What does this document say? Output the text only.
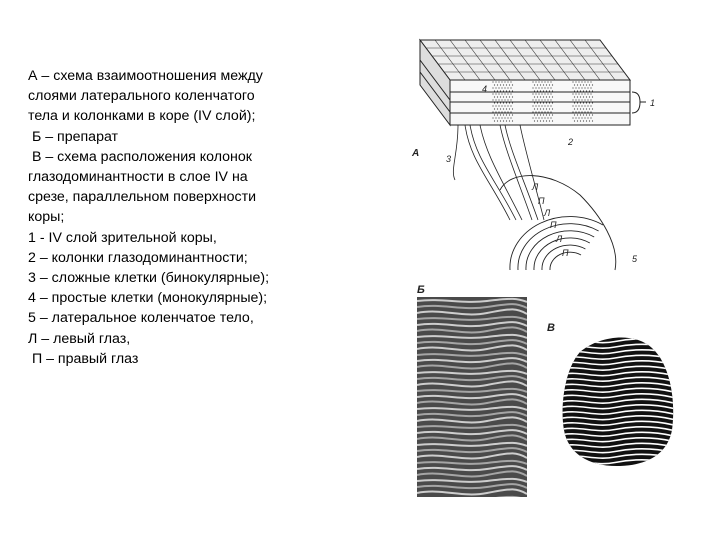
А – схема взаимоотношения между
слоями латерального коленчатого
тела и колонками в коре (IV слой);
Б – препарат
В – схема расположения колонок
глазодоминантности в слое IV на
срезе, параллельном поверхности
коры;
1 - IV слой зрительной коры,
2 – колонки глазодоминантности;
3 – сложные клетки (бинокулярные);
4 – простые клетки (монокулярные);
5 – латеральное коленчатое тело,
Л – левый глаз,
П – правый глаз
1
2
3
4
5
А
Л
П
Л
П
Л
П
Б
В
